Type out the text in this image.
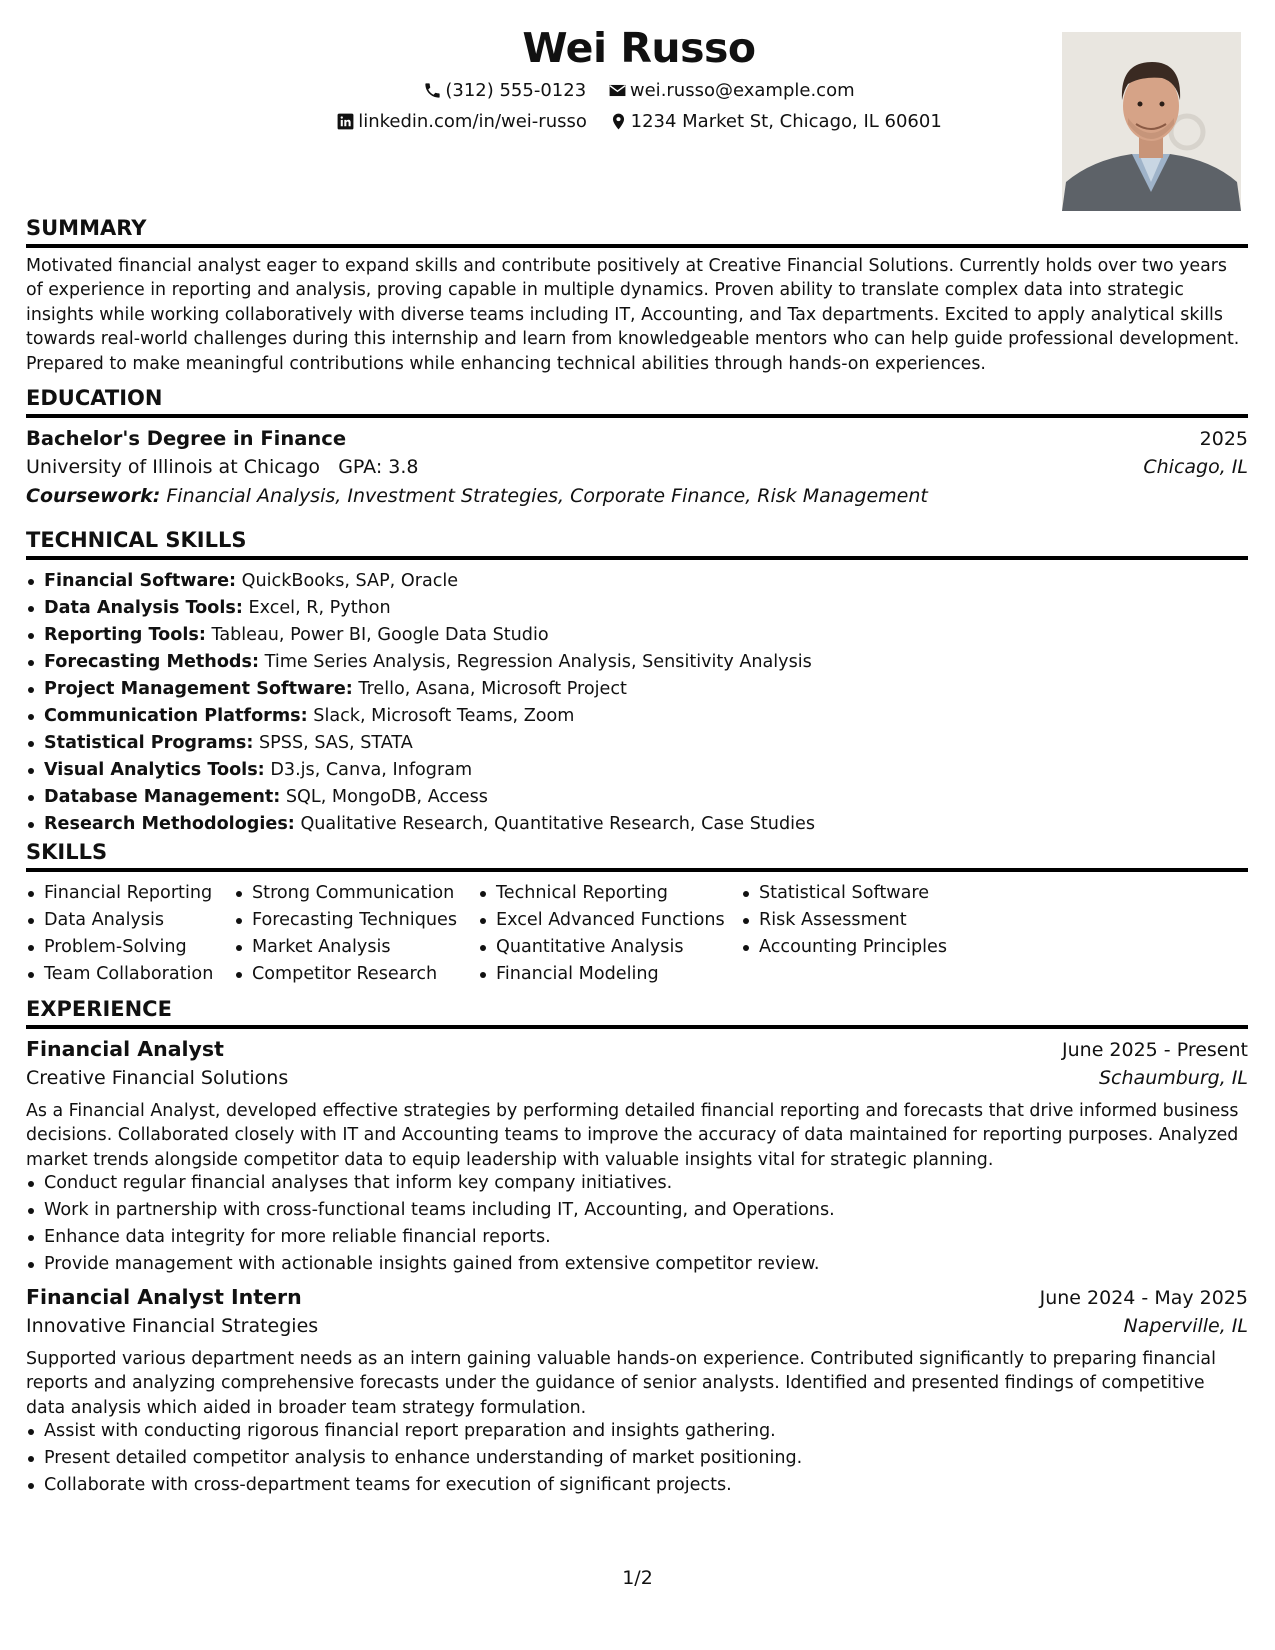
Wei Russo
(312) 555-0123
wei.russo@example.com
linkedin.com/in/wei-russo
1234 Market St, Chicago, IL 60601
SUMMARY
Motivated financial analyst eager to expand skills and contribute positively at Creative Financial Solutions. Currently holds over two years of experience in reporting and analysis, proving capable in multiple dynamics. Proven ability to translate complex data into strategic insights while working collaboratively with diverse teams including IT, Accounting, and Tax departments. Excited to apply analytical skills towards real-world challenges during this internship and learn from knowledgeable mentors who can help guide professional development. Prepared to make meaningful contributions while enhancing technical abilities through hands-on experiences.
EDUCATION
Bachelor's Degree in Finance	2025
University of Illinois at Chicago GPA: 3.8	Chicago, IL
Coursework: Financial Analysis, Investment Strategies, Corporate Finance, Risk Management
TECHNICAL SKILLS
Financial Software: QuickBooks, SAP, Oracle
Data Analysis Tools: Excel, R, Python
Reporting Tools: Tableau, Power BI, Google Data Studio
Forecasting Methods: Time Series Analysis, Regression Analysis, Sensitivity Analysis
Project Management Software: Trello, Asana, Microsoft Project
Communication Platforms: Slack, Microsoft Teams, Zoom
Statistical Programs: SPSS, SAS, STATA
Visual Analytics Tools: D3.js, Canva, Infogram
Database Management: SQL, MongoDB, Access
Research Methodologies: Qualitative Research, Quantitative Research, Case Studies
SKILLS
Financial Reporting
Data Analysis
Problem-Solving
Team Collaboration
Strong Communication
Forecasting Techniques
Market Analysis
Competitor Research
Technical Reporting
Excel Advanced Functions
Quantitative Analysis
Financial Modeling
Statistical Software
Risk Assessment
Accounting Principles
EXPERIENCE
Financial Analyst	June 2025 - Present
Creative Financial Solutions	Schaumburg, IL
As a Financial Analyst, developed effective strategies by performing detailed financial reporting and forecasts that drive informed business decisions. Collaborated closely with IT and Accounting teams to improve the accuracy of data maintained for reporting purposes. Analyzed market trends alongside competitor data to equip leadership with valuable insights vital for strategic planning.
Conduct regular financial analyses that inform key company initiatives.
Work in partnership with cross-functional teams including IT, Accounting, and Operations.
Enhance data integrity for more reliable financial reports.
Provide management with actionable insights gained from extensive competitor review.
Financial Analyst Intern	June 2024 - May 2025
Innovative Financial Strategies	Naperville, IL
Supported various department needs as an intern gaining valuable hands-on experience. Contributed significantly to preparing financial reports and analyzing comprehensive forecasts under the guidance of senior analysts. Identified and presented findings of competitive data analysis which aided in broader team strategy formulation.
Assist with conducting rigorous financial report preparation and insights gathering.
Present detailed competitor analysis to enhance understanding of market positioning.
Collaborate with cross-department teams for execution of significant projects.
1/2
